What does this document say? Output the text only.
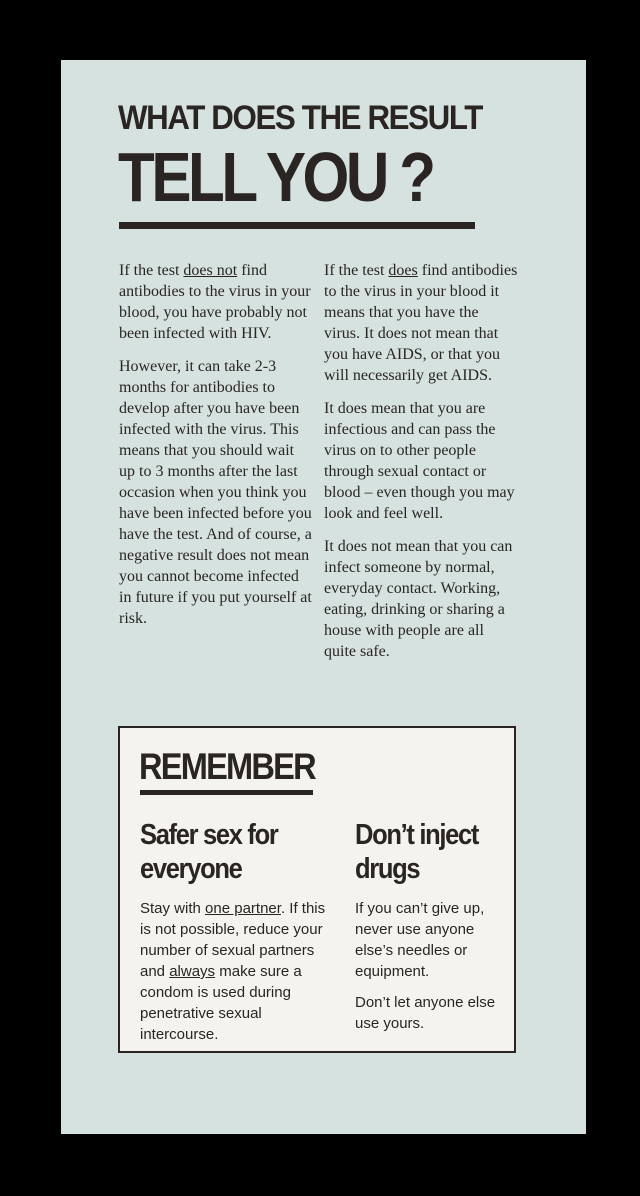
WHAT DOES THE RESULT
TELL YOU ?

If the test does not find antibodies to the virus in your blood, you have probably not been infected with HIV.

However, it can take 2-3 months for antibodies to develop after you have been infected with the virus. This means that you should wait up to 3 months after the last occasion when you think you have been infected before you have the test. And of course, a negative result does not mean you cannot become infected in future if you put yourself at risk.

If the test does find antibodies to the virus in your blood it means that you have the virus. It does not mean that you have AIDS, or that you will necessarily get AIDS.

It does mean that you are infectious and can pass the virus on to other people through sexual contact or blood – even though you may look and feel well.

It does not mean that you can infect someone by normal, everyday contact. Working, eating, drinking or sharing a house with people are all quite safe.

REMEMBER
Safer sex for
everyone

Stay with one partner. If this is not possible, reduce your number of sexual partners and always make sure a condom is used during penetrative sexual intercourse.

Don’t inject
drugs

If you can’t give up, never use anyone else’s needles or equipment.

Don’t let anyone else use yours.
